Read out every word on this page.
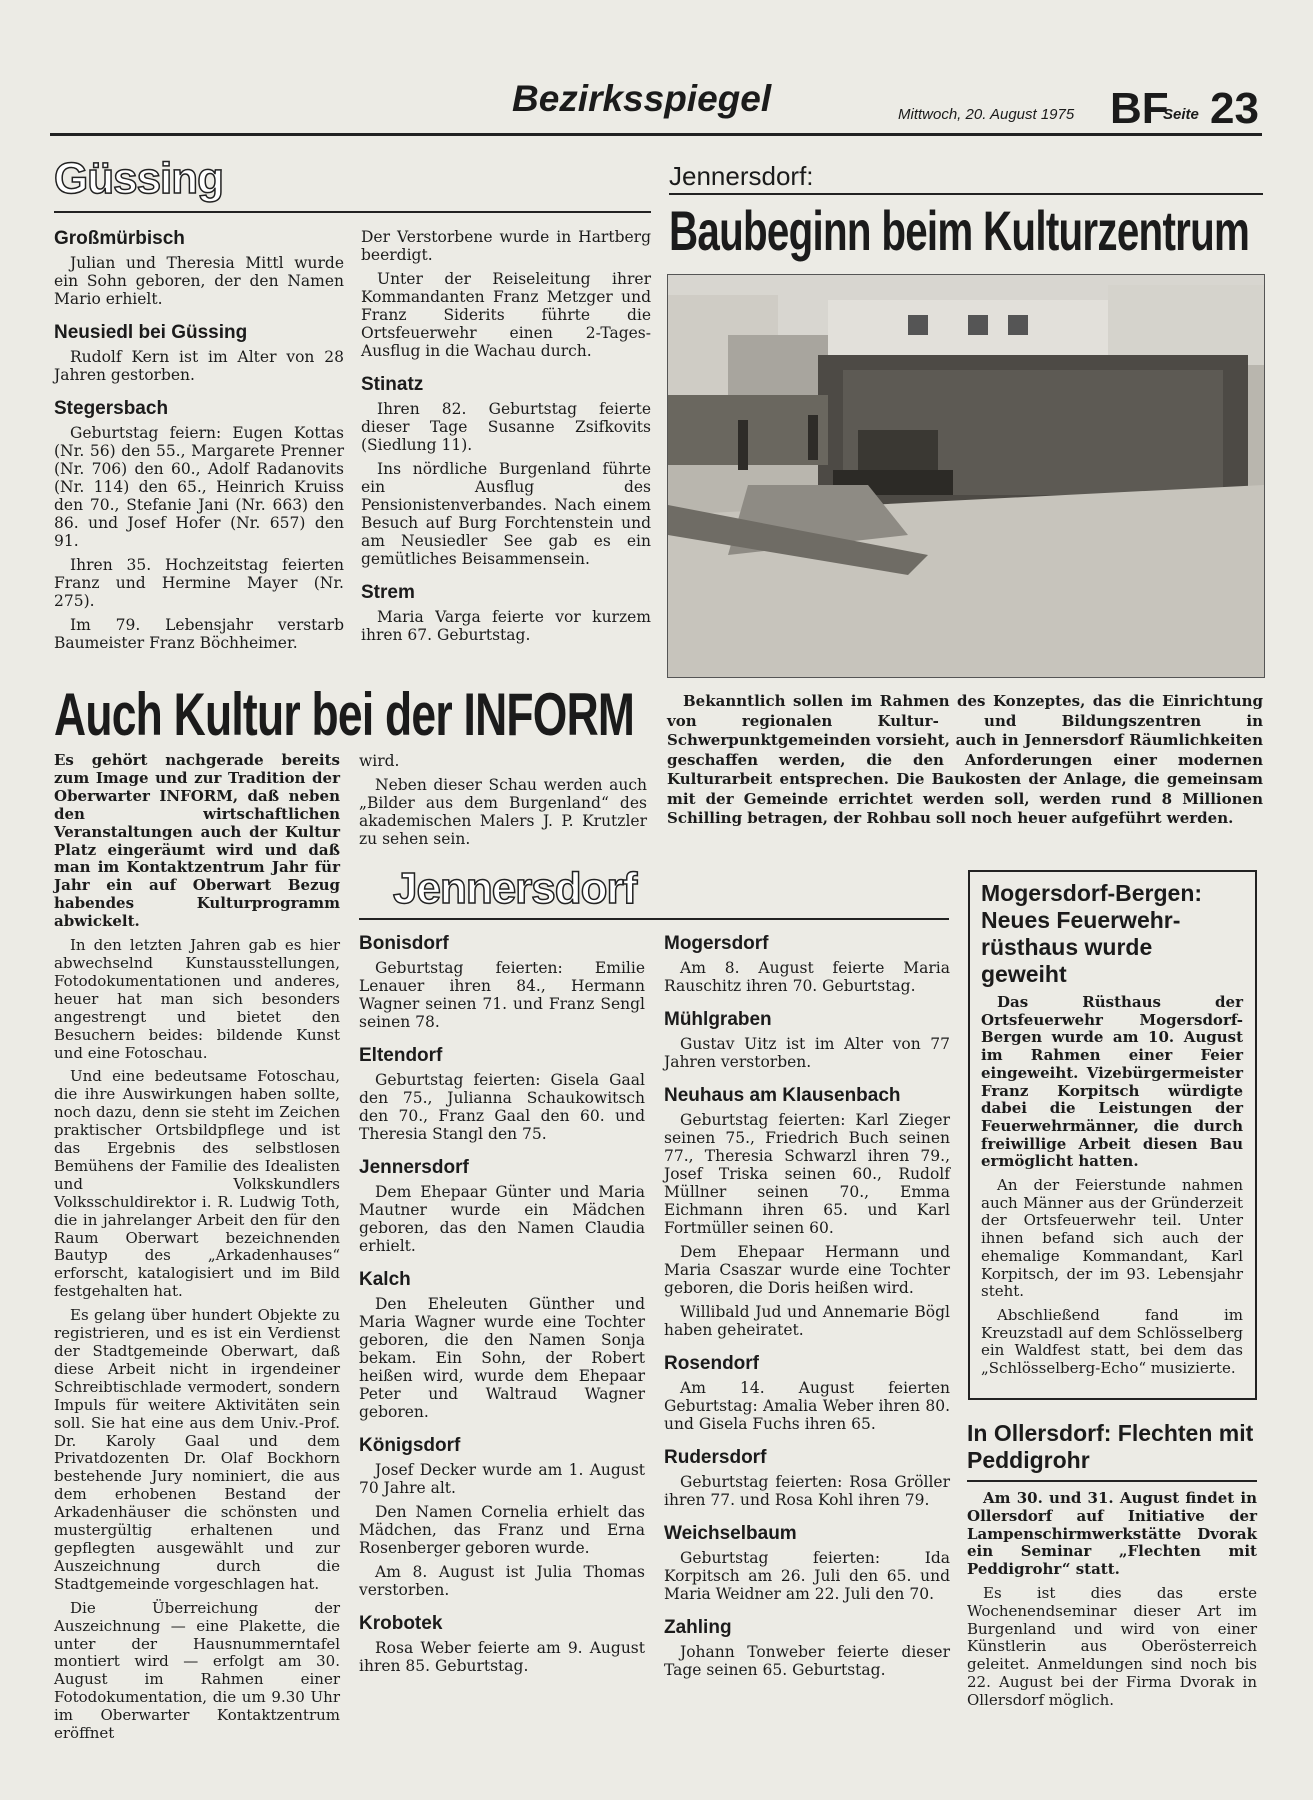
Bezirksspiegel	Mittwoch, 20. August 1975 BF
Seite 23
Güssing
Großmürbisch

Julian und Theresia Mittl wurde ein Sohn geboren, der den Namen Mario erhielt.

Neusiedl bei Güssing

Rudolf Kern ist im Alter von 28 Jahren gestorben.

Stegersbach

Geburtstag feiern: Eugen Kottas (Nr. 56) den 55., Margarete Prenner (Nr. 706) den 60., Adolf Radanovits (Nr. 114) den 65., Heinrich Kruiss den 70., Stefanie Jani (Nr. 663) den 86. und Josef Hofer (Nr. 657) den 91.

Ihren 35. Hochzeitstag feierten Franz und Hermine Mayer (Nr. 275).

Im 79. Lebensjahr verstarb Baumeister Franz Böchheimer.

Der Verstorbene wurde in Hartberg beerdigt.

Unter der Reiseleitung ihrer Kommandanten Franz Metzger und Franz Siderits führte die Ortsfeuerwehr einen 2-Tages-Ausflug in die Wachau durch.

Stinatz

Ihren 82. Geburtstag feierte dieser Tage Susanne Zsifkovits (Siedlung 11).

Ins nördliche Burgenland führte ein Ausflug des Pensionistenverbandes. Nach einem Besuch auf Burg Forchtenstein und am Neusiedler See gab es ein gemütliches Beisammensein.

Strem

Maria Varga feierte vor kurzem ihren 67. Geburtstag.

Jennersdorf:
Baubeginn beim Kulturzentrum

Bekanntlich sollen im Rahmen des Konzeptes, das die Einrichtung von regionalen Kultur- und Bildungszentren in Schwerpunktgemeinden vorsieht, auch in Jennersdorf Räumlichkeiten geschaffen werden, die den Anforderungen einer modernen Kulturarbeit entsprechen. Die Baukosten der Anlage, die gemeinsam mit der Gemeinde errichtet werden soll, werden rund 8 Millionen Schilling betragen, der Rohbau soll noch heuer aufgeführt werden.

Auch Kultur bei der INFORM

Es gehört nachgerade bereits zum Image und zur Tradition der Oberwarter INFORM, daß neben den wirtschaftlichen Veranstaltungen auch der Kultur Platz eingeräumt wird und daß man im Kontaktzentrum Jahr für Jahr ein auf Oberwart Bezug habendes Kulturprogramm abwickelt.

In den letzten Jahren gab es hier abwechselnd Kunstausstellungen, Fotodokumentationen und anderes, heuer hat man sich besonders angestrengt und bietet den Besuchern beides: bildende Kunst und eine Fotoschau.

Und eine bedeutsame Fotoschau, die ihre Auswirkungen haben sollte, noch dazu, denn sie steht im Zeichen praktischer Ortsbildpflege und ist das Ergebnis des selbstlosen Bemühens der Familie des Idealisten und Volkskundlers Volksschuldirektor i. R. Ludwig Toth, die in jahrelanger Arbeit den für den Raum Oberwart bezeichnenden Bautyp des „Arkadenhauses“ erforscht, katalogisiert und im Bild festgehalten hat.

Es gelang über hundert Objekte zu registrieren, und es ist ein Verdienst der Stadtgemeinde Oberwart, daß diese Arbeit nicht in irgendeiner Schreibtischlade vermodert, sondern Impuls für weitere Aktivitäten sein soll. Sie hat eine aus dem Univ.-Prof. Dr. Karoly Gaal und dem Privatdozenten Dr. Olaf Bockhorn bestehende Jury nominiert, die aus dem erhobenen Bestand der Arkadenhäuser die schönsten und mustergültig erhaltenen und gepflegten ausgewählt und zur Auszeichnung durch die Stadtgemeinde vorgeschlagen hat.

Die Überreichung der Auszeichnung — eine Plakette, die unter der Hausnummerntafel montiert wird — erfolgt am 30. August im Rahmen einer Fotodokumentation, die um 9.30 Uhr im Oberwarter Kontaktzentrum eröffnet

wird.

Neben dieser Schau werden auch „Bilder aus dem Burgenland“ des akademischen Malers J. P. Krutzler zu sehen sein.

Jennersdorf
Bonisdorf

Geburtstag feierten: Emilie Lenauer ihren 84., Hermann Wagner seinen 71. und Franz Sengl seinen 78.

Eltendorf

Geburtstag feierten: Gisela Gaal den 75., Julianna Schaukowitsch den 70., Franz Gaal den 60. und Theresia Stangl den 75.

Jennersdorf

Dem Ehepaar Günter und Maria Mautner wurde ein Mädchen geboren, das den Namen Claudia erhielt.

Kalch

Den Eheleuten Günther und Maria Wagner wurde eine Tochter geboren, die den Namen Sonja bekam. Ein Sohn, der Robert heißen wird, wurde dem Ehepaar Peter und Waltraud Wagner geboren.

Königsdorf

Josef Decker wurde am 1. August 70 Jahre alt.

Den Namen Cornelia erhielt das Mädchen, das Franz und Erna Rosenberger geboren wurde.

Am 8. August ist Julia Thomas verstorben.

Krobotek

Rosa Weber feierte am 9. August ihren 85. Geburtstag.

Mogersdorf

Am 8. August feierte Maria Rauschitz ihren 70. Geburtstag.

Mühlgraben

Gustav Uitz ist im Alter von 77 Jahren verstorben.

Neuhaus am Klausenbach

Geburtstag feierten: Karl Zieger seinen 75., Friedrich Buch seinen 77., Theresia Schwarzl ihren 79., Josef Triska seinen 60., Rudolf Müllner seinen 70., Emma Eichmann ihren 65. und Karl Fortmüller seinen 60.

Dem Ehepaar Hermann und Maria Csaszar wurde eine Tochter geboren, die Doris heißen wird.

Willibald Jud und Annemarie Bögl haben geheiratet.

Rosendorf

Am 14. August feierten Geburtstag: Amalia Weber ihren 80. und Gisela Fuchs ihren 65.

Rudersdorf

Geburtstag feierten: Rosa Gröller ihren 77. und Rosa Kohl ihren 79.

Weichselbaum

Geburtstag feierten: Ida Korpitsch am 26. Juli den 65. und Maria Weidner am 22. Juli den 70.

Zahling

Johann Tonweber feierte dieser Tage seinen 65. Geburtstag.

Mogersdorf-Bergen: Neues Feuerwehrrüsthaus wurde geweiht

Das Rüsthaus der Ortsfeuerwehr Mogersdorf-Bergen wurde am 10. August im Rahmen einer Feier eingeweiht. Vizebürgermeister Franz Korpitsch würdigte dabei die Leistungen der Feuerwehrmänner, die durch freiwillige Arbeit diesen Bau ermöglicht hatten.

An der Feierstunde nahmen auch Männer aus der Gründerzeit der Ortsfeuerwehr teil. Unter ihnen befand sich auch der ehemalige Kommandant, Karl Korpitsch, der im 93. Lebensjahr steht.

Abschließend fand im Kreuzstadl auf dem Schlösselberg ein Waldfest statt, bei dem das „Schlösselberg-Echo“ musizierte.

In Ollersdorf: Flechten mit Peddigrohr

Am 30. und 31. August findet in Ollersdorf auf Initiative der Lampenschirmwerkstätte Dvorak ein Seminar „Flechten mit Peddigrohr“ statt.

Es ist dies das erste Wochenendseminar dieser Art im Burgenland und wird von einer Künstlerin aus Oberösterreich geleitet. Anmeldungen sind noch bis 22. August bei der Firma Dvorak in Ollersdorf möglich.
